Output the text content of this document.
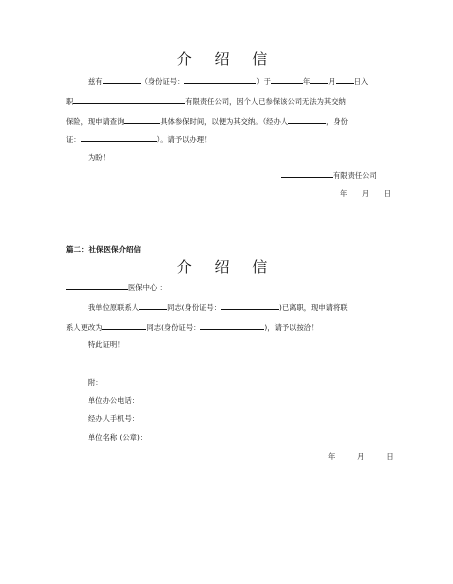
介 绍 信
兹有	（身份证号：	）于	年 月 日入
职	有限责任公司，因个人已参保该公司无法为其交纳
保险，现申请查询	具体参保时间，以便为其交纳。（经办人	，身份
证：	）。请予以办理！
为盼！
有限责任公司
年　　月　　日
篇二：社保医保介绍信
介 绍 信
医保中心 ：
我单位原联系人	同志(身份证号：	)已离职，现申请将联
系人更改为	同志(身份证号：	)，请予以按洽！
特此证明！
附：
单位办公电话：
经办人手机号：
单位名称 (公章)：
年　　　月　　　日
